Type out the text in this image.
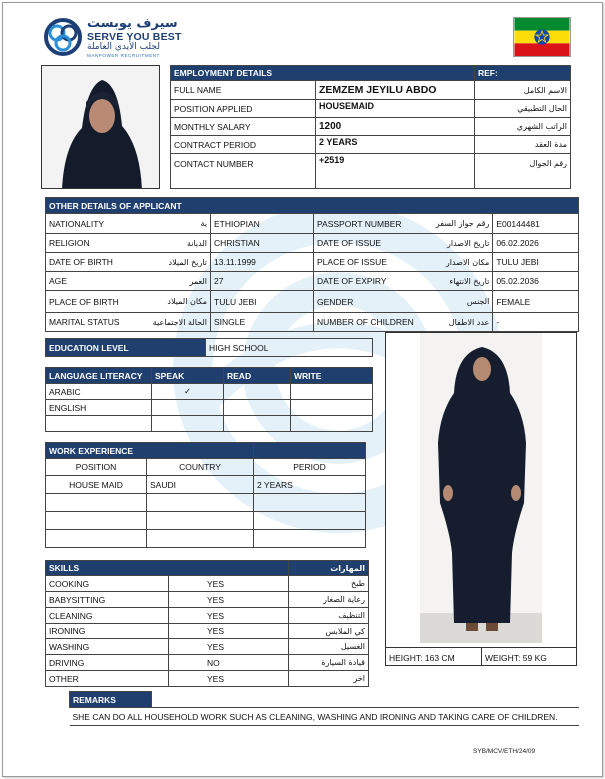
سيرف يوبست
SERVE YOU BEST
لجلب الأيدي العاملة
MANPOWER RECRUITMENT
EMPLOYMENT DETAILS		REF:
FULL NAME	ZEMZEM JEYILU ABDO	الاسم الكامل
POSITION APPLIED	HOUSEMAID	الحال التطبيقي
MONTHLY SALARY	1200	الراتب الشهري
CONTRACT PERIOD	2 YEARS	مدة العقد
CONTACT NUMBER	+2519	رقم الجوال
OTHER DETAILS OF APPLICANT					
NATIONALITY	ية	ETHIOPIAN	PASSPORT NUMBER	رقم جواز السفر	E00144481
RELIGION	الديانة	CHRISTIAN	DATE OF ISSUE	تاريخ الاصدار	06.02.2026
DATE OF BIRTH	تاريخ الميلاد	13.11.1999	PLACE OF ISSUE	مكان الاصدار	TULU JEBI
AGE	العمر	27	DATE OF EXPIRY	تاريخ الانتهاء	05.02.2036
PLACE OF BIRTH	مكان الميلاد	TULU JEBI	GENDER	الجنس	FEMALE
MARITAL STATUS	الحالة الاجتماعية	SINGLE	NUMBER OF CHILDREN	عدد الاطفال	-
EDUCATION LEVEL	HIGH SCHOOL
LANGUAGE LITERACY	SPEAK	READ	WRITE
ARABIC	✓		
ENGLISH			

WORK EXPERIENCE		
POSITION	COUNTRY	PERIOD
HOUSE MAID	SAUDI	2 YEARS

SKILLS		المهارات
COOKING	YES	طبخ
BABYSITTING	YES	رعاية الصغار
CLEANING	YES	التنظيف
IRONING	YES	كي الملابس
WASHING	YES	الغسيل
DRIVING	NO	قيادة السيارة
OTHER	YES	اخر
HEIGHT: 163 CM	WEIGHT: 59 KG
REMARKS	
SHE CAN DO ALL HOUSEHOLD WORK SUCH AS CLEANING, WASHING AND IRONING AND TAKING CARE OF CHILDREN.
SYB/MCV/ETH/24/09
